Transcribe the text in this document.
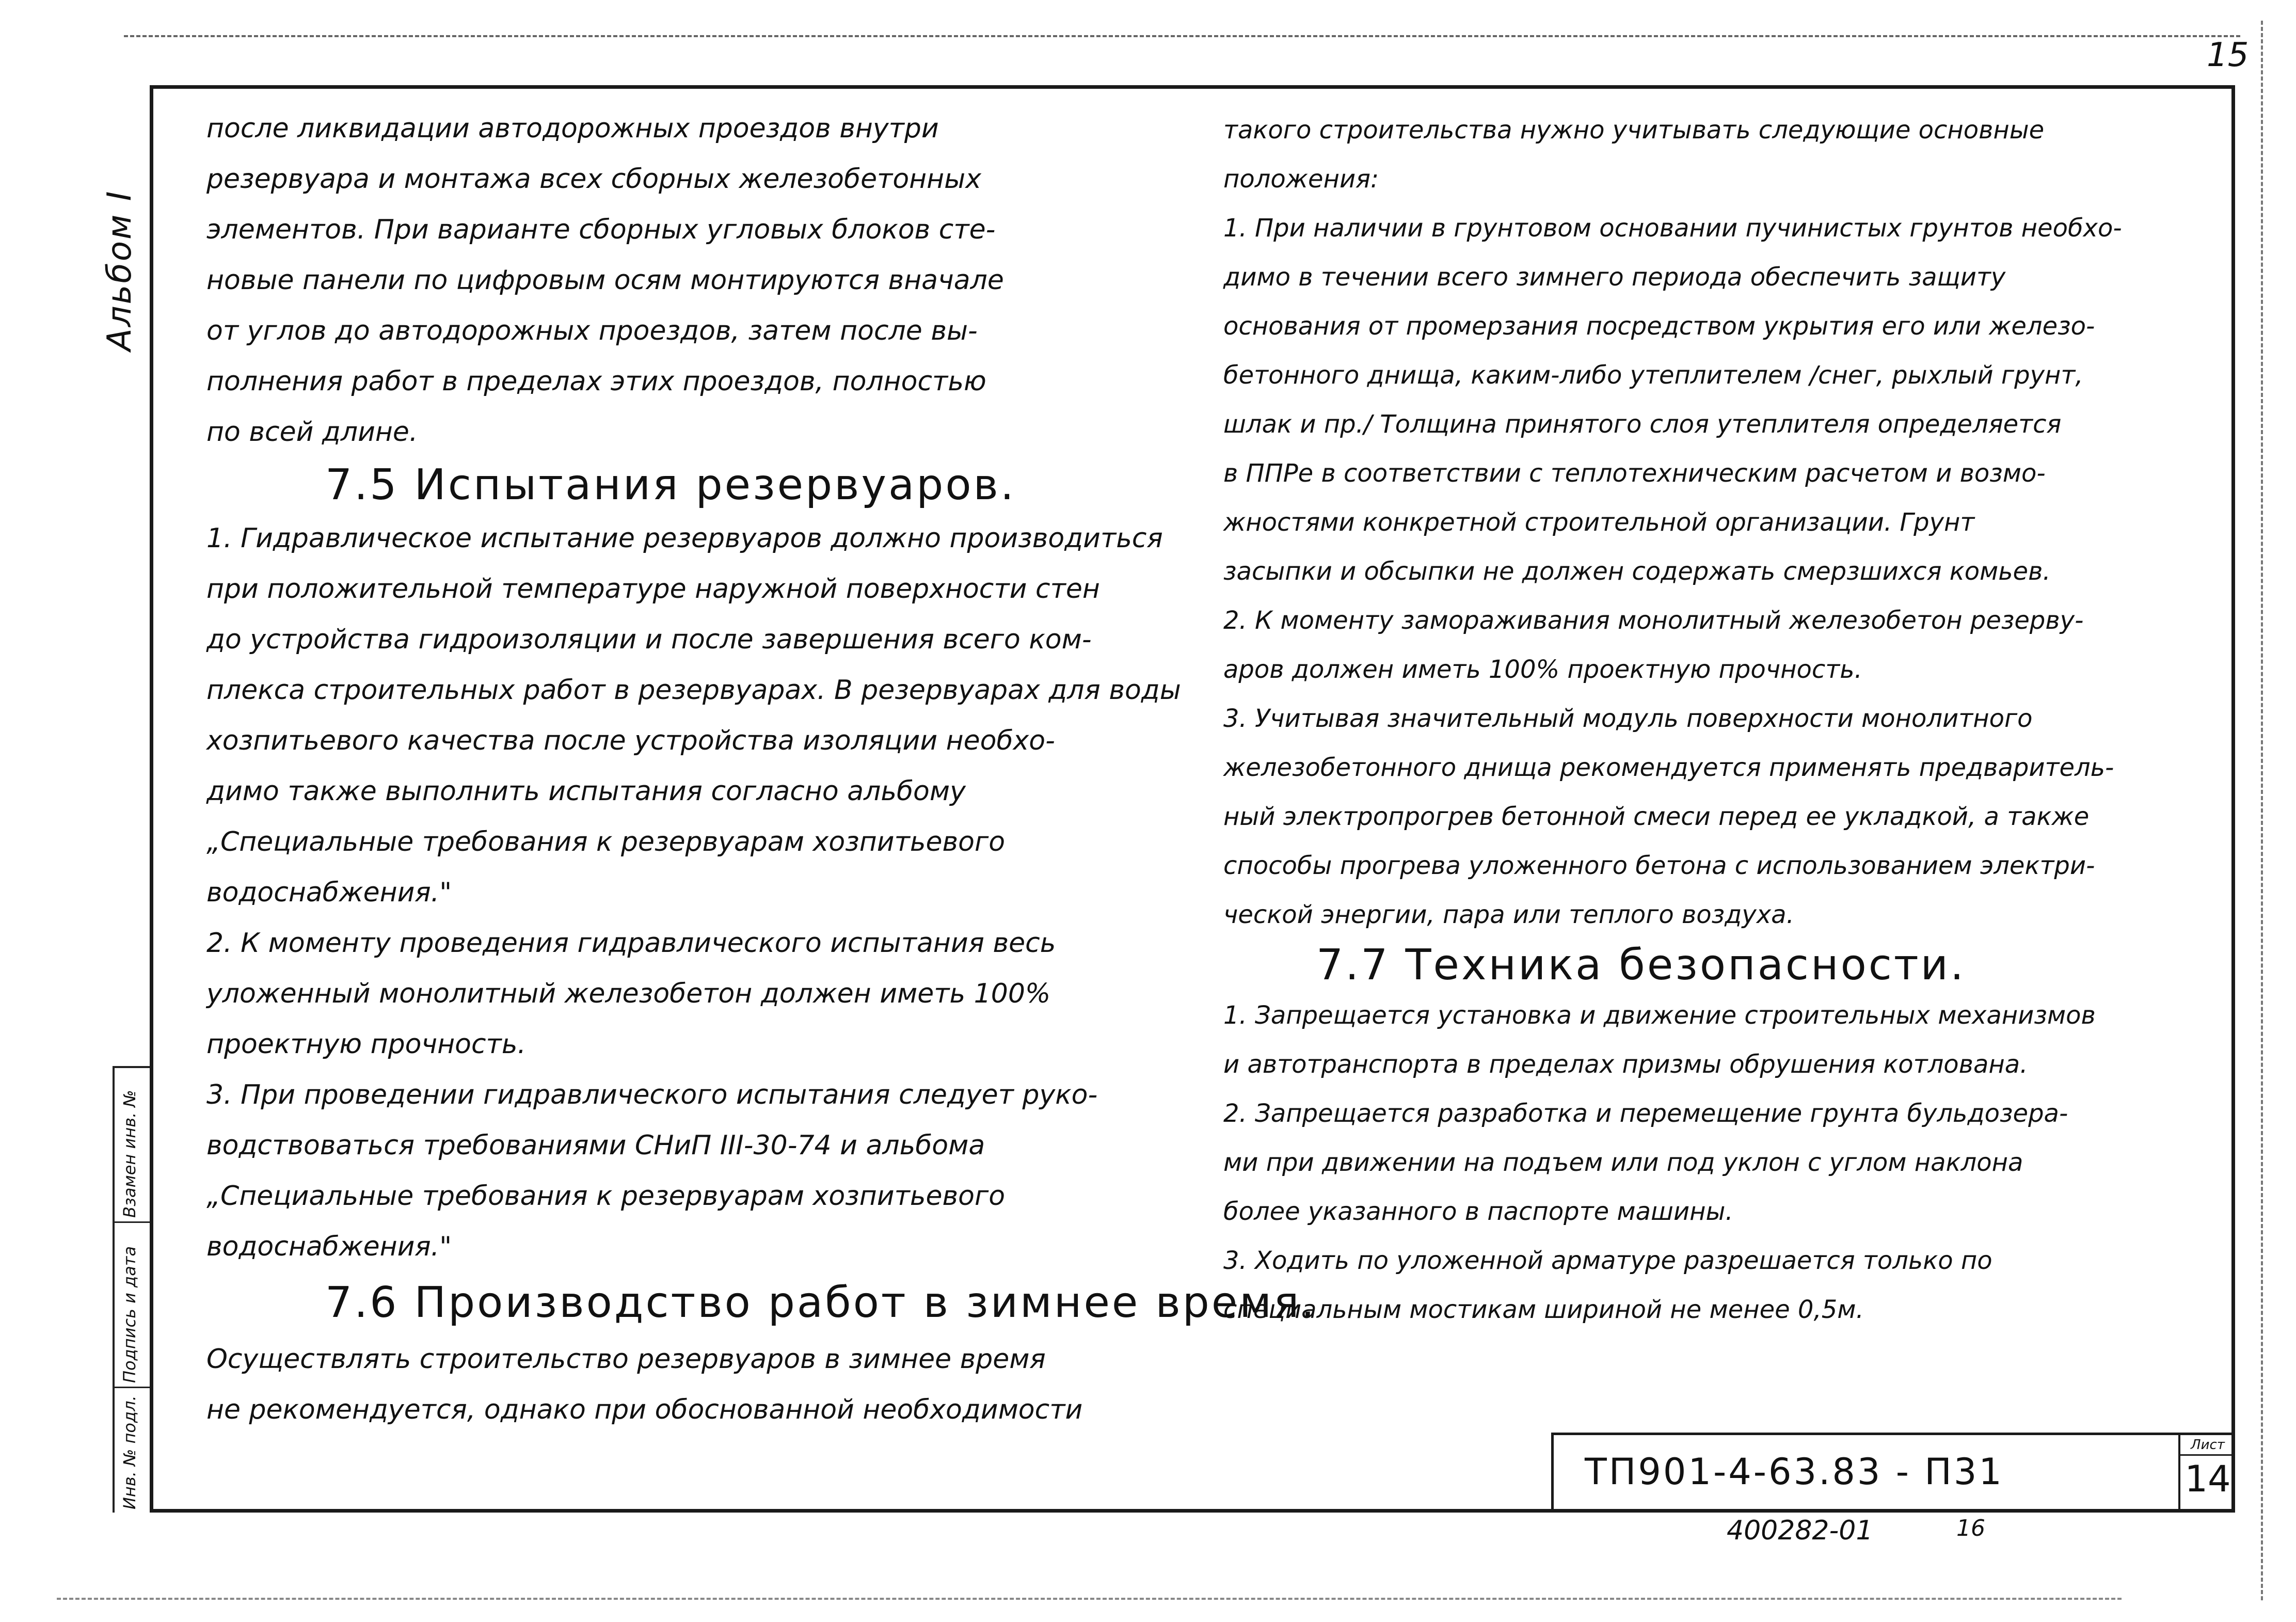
15
Альбом I
Взамен инв. №
Подпись и дата
Инв. № подл.
после ликвидации автодорожных проездов внутри
резервуара и монтажа всех сборных железобетонных
элементов. При варианте сборных угловых блоков сте-
новые панели по цифровым осям монтируются вначале
от углов до автодорожных проездов, затем после вы-
полнения работ в пределах этих проездов, полностью
по всей длине.
7.5 Испытания резервуаров.
1. Гидравлическое испытание резервуаров должно производиться
при положительной температуре наружной поверхности стен
до устройства гидроизоляции и после завершения всего ком-
плекса строительных работ в резервуарах. В резервуарах для воды
хозпитьевого качества после устройства изоляции необхо-
димо также выполнить испытания согласно альбому
„Специальные требования к резервуарам хозпитьевого
водоснабжения."
2. К моменту проведения гидравлического испытания весь
уложенный монолитный железобетон должен иметь 100%
проектную прочность.
3. При проведении гидравлического испытания следует руко-
водствоваться требованиями СНиП III-30-74 и альбома
„Специальные требования к резервуарам хозпитьевого
водоснабжения."
7.6 Производство работ в зимнее время.
Осуществлять строительство резервуаров в зимнее время
не рекомендуется, однако при обоснованной необходимости
такого строительства нужно учитывать следующие основные
положения:
1. При наличии в грунтовом основании пучинистых грунтов необхо-
димо в течении всего зимнего периода обеспечить защиту
основания от промерзания посредством укрытия его или железо-
бетонного днища, каким-либо утеплителем /снег, рыхлый грунт,
шлак и пр./ Толщина принятого слоя утеплителя определяется
в ППРе в соответствии с теплотехническим расчетом и возмо-
жностями конкретной строительной организации. Грунт
засыпки и обсыпки не должен содержать смерзшихся комьев.
2. К моменту замораживания монолитный железобетон резерву-
аров должен иметь 100% проектную прочность.
3. Учитывая значительный модуль поверхности монолитного
железобетонного днища рекомендуется применять предваритель-
ный электропрогрев бетонной смеси перед ее укладкой, а также
способы прогрева уложенного бетона с использованием электри-
ческой энергии, пара или теплого воздуха.
7.7 Техника безопасности.
1. Запрещается установка и движение строительных механизмов
и автотранспорта в пределах призмы обрушения котлована.
2. Запрещается разработка и перемещение грунта бульдозера-
ми при движении на подъем или под уклон с углом наклона
более указанного в паспорте машины.
3. Ходить по уложенной арматуре разрешается только по
специальным мостикам шириной не менее 0,5м.
ТП901-4-63.83 - П31
Лист
14
400282-01	16
